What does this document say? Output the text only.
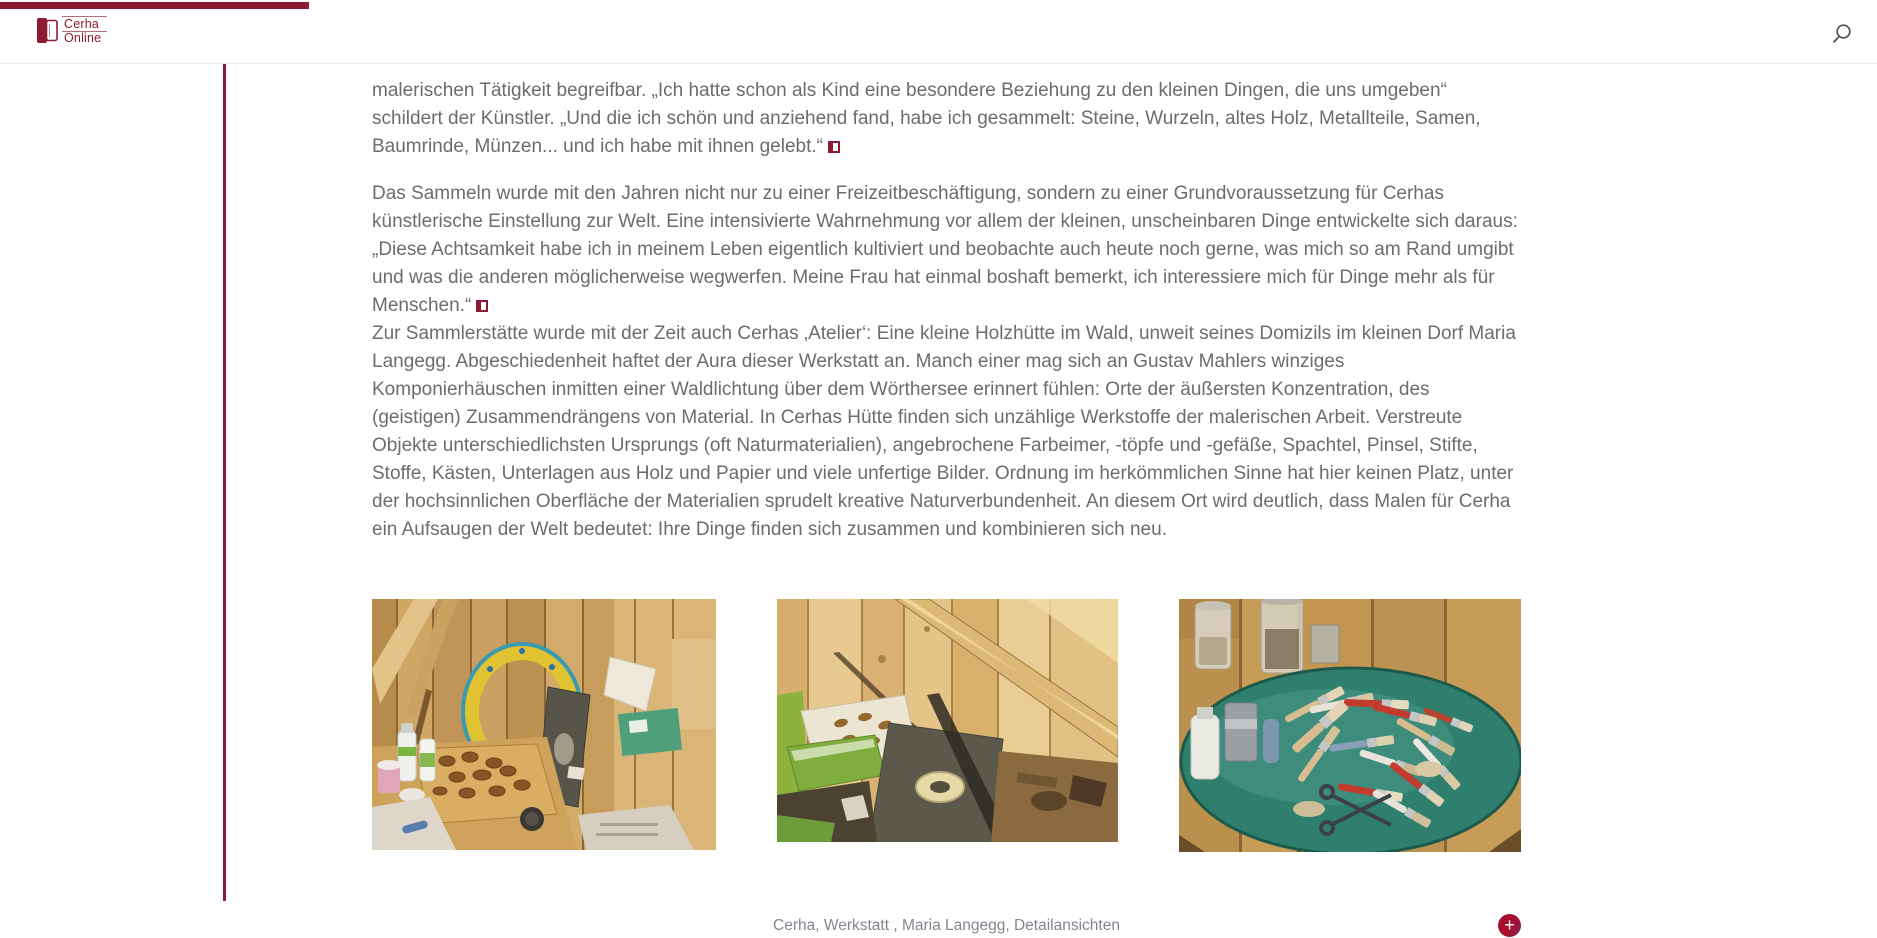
Cerha
Online

malerischen Tätigkeit begreifbar. „Ich hatte schon als Kind eine besondere Beziehung zu den kleinen Dingen, die uns umgeben“ schildert der Künstler. „Und die ich schön und anziehend fand, habe ich gesammelt: Steine, Wurzeln, altes Holz, Metallteile, Samen, Baumrinde, Münzen... und ich habe mit ihnen gelebt.“

Das Sammeln wurde mit den Jahren nicht nur zu einer Freizeitbeschäftigung, sondern zu einer Grundvoraussetzung für Cerhas künstlerische Einstellung zur Welt. Eine intensivierte Wahrnehmung vor allem der kleinen, unscheinbaren Dinge entwickelte sich daraus: „Diese Achtsamkeit habe ich in meinem Leben eigentlich kultiviert und beobachte auch heute noch gerne, was mich so am Rand umgibt und was die anderen möglicherweise wegwerfen. Meine Frau hat einmal boshaft bemerkt, ich interessiere mich für Dinge mehr als für Menschen.“

Zur Sammlerstätte wurde mit der Zeit auch Cerhas ‚Atelier‘: Eine kleine Holzhütte im Wald, unweit seines Domizils im kleinen Dorf Maria Langegg. Abgeschiedenheit haftet der Aura dieser Werkstatt an. Manch einer mag sich an Gustav Mahlers winziges Komponierhäuschen inmitten einer Waldlichtung über dem Wörthersee erinnert fühlen: Orte der äußersten Konzentration, des (geistigen) Zusammendrängens von Material. In Cerhas Hütte finden sich unzählige Werkstoffe der malerischen Arbeit. Verstreute Objekte unterschiedlichsten Ursprungs (oft Naturmaterialien), angebrochene Farbeimer, -töpfe und -gefäße, Spachtel, Pinsel, Stifte, Stoffe, Kästen, Unterlagen aus Holz und Papier und viele unfertige Bilder. Ordnung im herkömmlichen Sinne hat hier keinen Platz, unter der hochsinnlichen Oberfläche der Materialien sprudelt kreative Naturverbundenheit. An diesem Ort wird deutlich, dass Malen für Cerha ein Aufsaugen der Welt bedeutet: Ihre Dinge finden sich zusammen und kombinieren sich neu.

Cerha, Werkstatt , Maria Langegg, Detailansichten	+
